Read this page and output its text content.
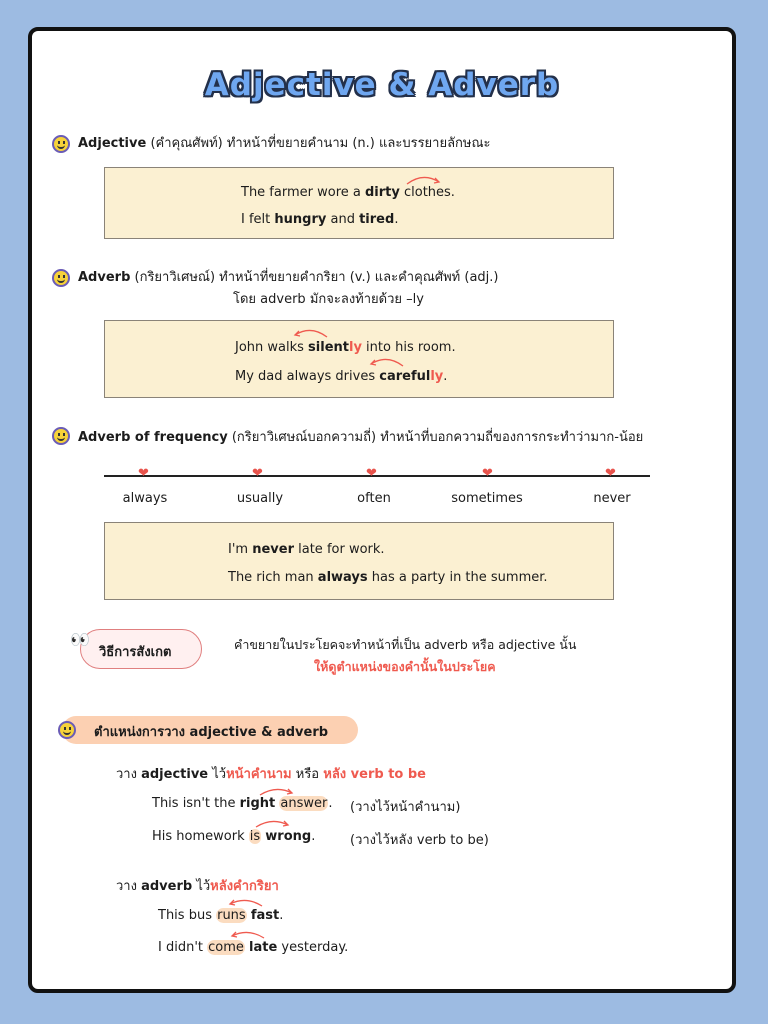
Adjective & Adverb
Adjective (คำคุณศัพท์) ทำหน้าที่ขยายคำนาม (n.) และบรรยายลักษณะ
The farmer wore a dirty clothes.
I felt hungry and tired.
Adverb (กริยาวิเศษณ์) ทำหน้าที่ขยายคำกริยา (v.) และคำคุณศัพท์ (adj.)
โดย adverb มักจะลงท้ายด้วย –ly
John walks silently into his room.
My dad always drives carefully.
Adverb of frequency (กริยาวิเศษณ์บอกความถี่) ทำหน้าที่บอกความถี่ของการกระทำว่ามาก-น้อย
❤	❤	❤	❤	❤
always	usually	often	sometimes	never
I'm never late for work.
The rich man always has a party in the summer.
วิธีการสังเกต
👀	คำขยายในประโยคจะทำหน้าที่เป็น adverb หรือ adjective นั้น
ให้ดูตำแหน่งของคำนั้นในประโยค
ตำแหน่งการวาง adjective & adverb
วาง adjective ไว้หน้าคำนาม หรือ หลัง verb to be
This isn't the right answer. (วางไว้หน้าคำนาม)
His homework is wrong.	(วางไว้หลัง verb to be)
วาง adverb ไว้หลังคำกริยา
This bus runs fast.
I didn't come late yesterday.
